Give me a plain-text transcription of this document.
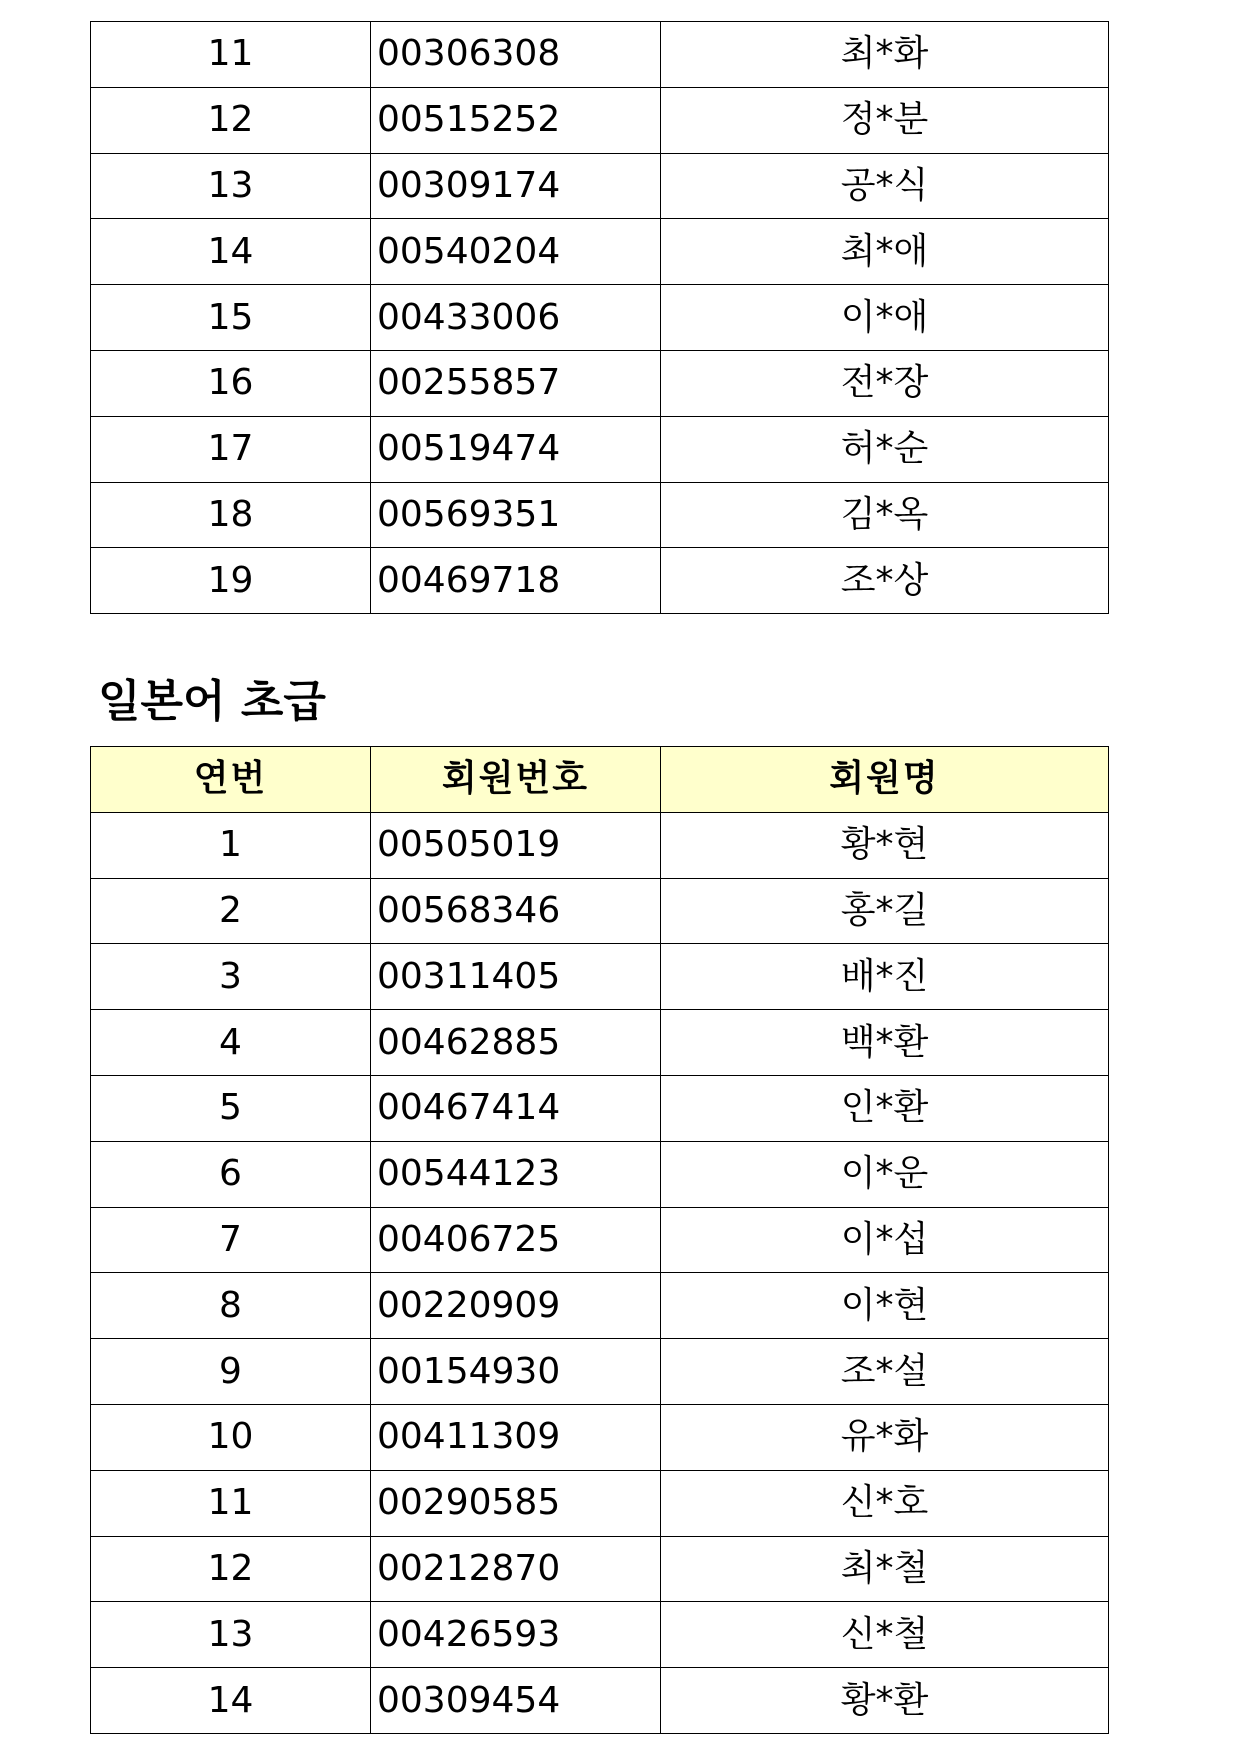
11	00306308	최*화
12	00515252	정*분
13	00309174	공*식
14	00540204	최*애
15	00433006	이*애
16	00255857	전*장
17	00519474	허*순
18	00569351	김*옥
19	00469718	조*상
일본어 초급
연번	회원번호	회원명
1	00505019	황*현
2	00568346	홍*길
3	00311405	배*진
4	00462885	백*환
5	00467414	인*환
6	00544123	이*운
7	00406725	이*섭
8	00220909	이*현
9	00154930	조*설
10	00411309	유*화
11	00290585	신*호
12	00212870	최*철
13	00426593	신*철
14	00309454	황*환
